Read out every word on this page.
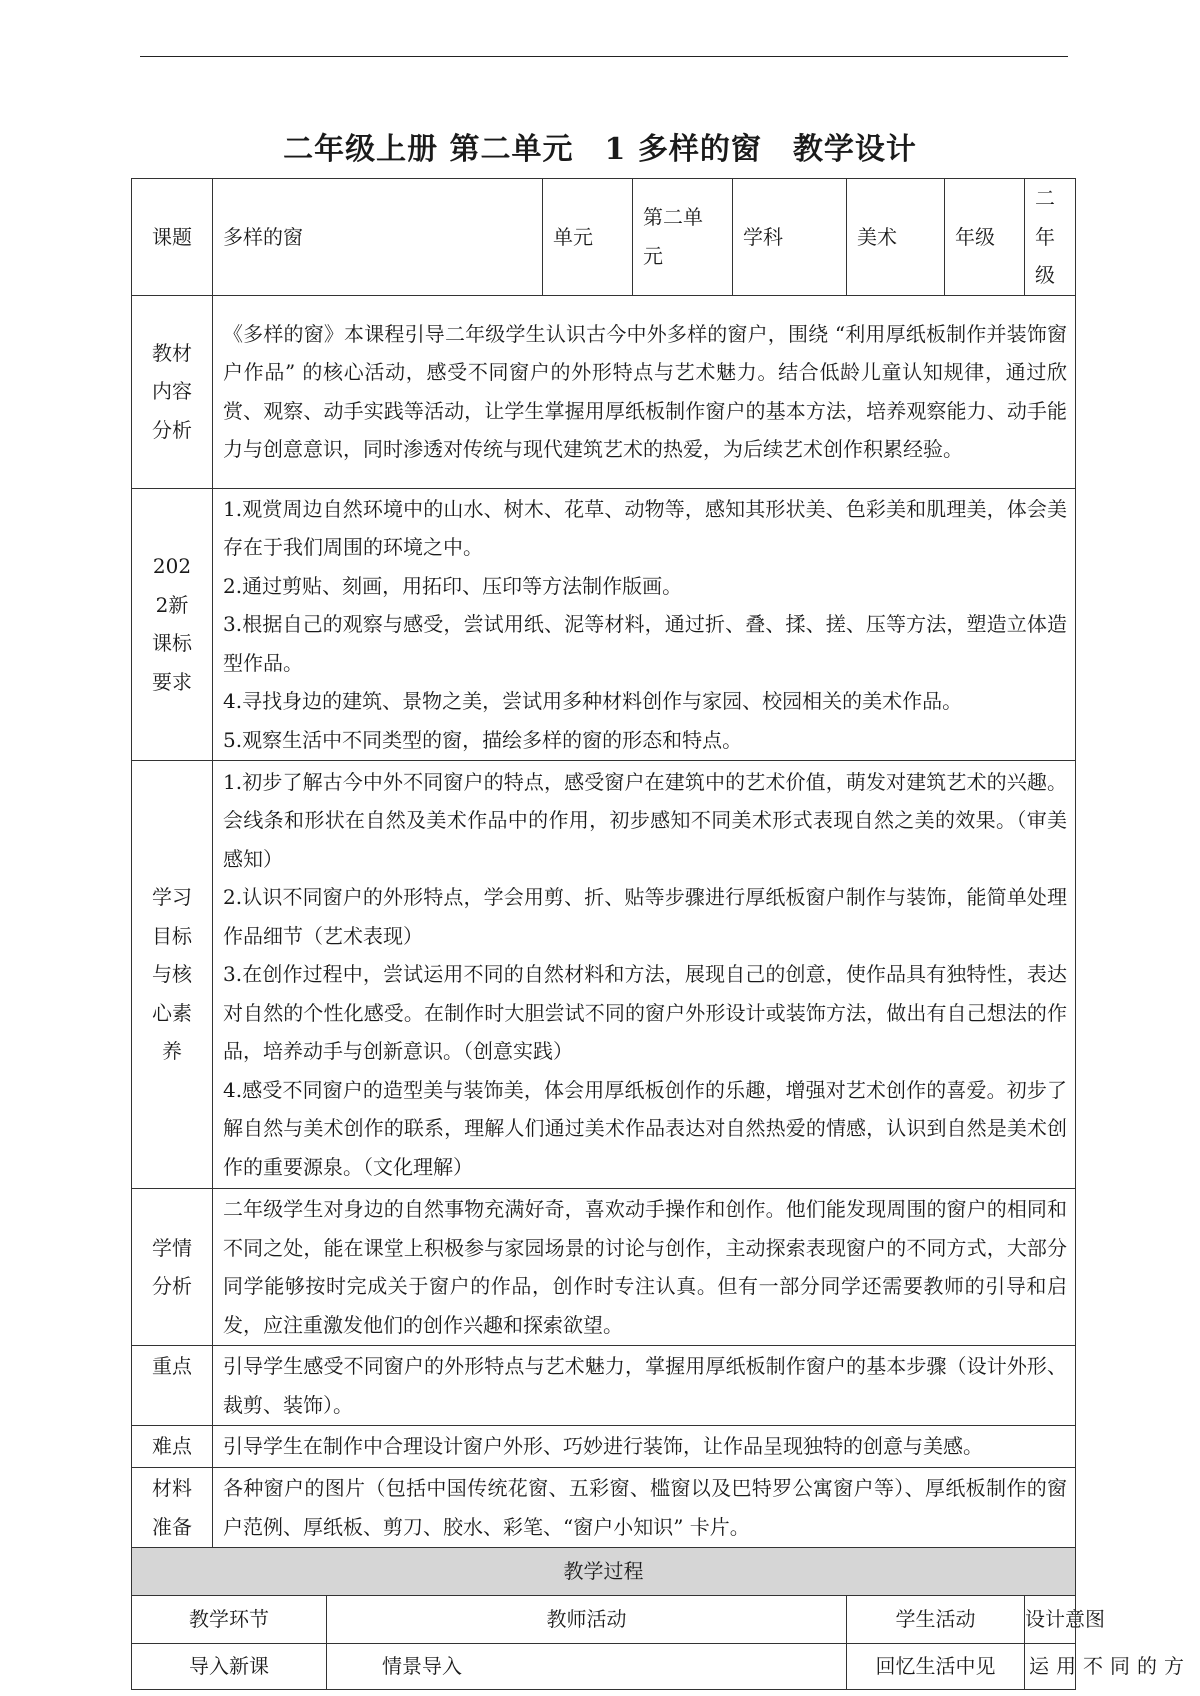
二年级上册 第二单元　1 多样的窗　教学设计
课题	多样的窗		单元	第二单元	学科	美术	年级	二年级

教材内容分析	《多样的窗》本课程引导二年级学生认识古今中外多样的窗户，围绕 “利用厚纸板制作并装饰窗户作品” 的核心活动，感受不同窗户的外形特点与艺术魅力。结合低龄儿童认知规律，通过欣赏、观察、动手实践等活动，让学生掌握用厚纸板制作窗户的基本方法，培养观察能力、动手能力与创意意识，同时渗透对传统与现代建筑艺术的热爱，为后续艺术创作积累经验。							

2022新课标要求	1.观赏周边自然环境中的山水、树木、花草、动物等，感知其形状美、色彩美和肌理美，体会美存在于我们周围的环境之中。

2.通过剪贴、刻画，用拓印、压印等方法制作版画。

3.根据自己的观察与感受，尝试用纸、泥等材料，通过折、叠、揉、搓、压等方法，塑造立体造型作品。

4.寻找身边的建筑、景物之美，尝试用多种材料创作与家园、校园相关的美术作品。

5.观察生活中不同类型的窗，描绘多样的窗的形态和特点。							

学习目标与核心素养	1.初步了解古今中外不同窗户的特点，感受窗户在建筑中的艺术价值，萌发对建筑艺术的兴趣。会线条和形状在自然及美术作品中的作用，初步感知不同美术形式表现自然之美的效果。（审美感知）

2.认识不同窗户的外形特点，学会用剪、折、贴等步骤进行厚纸板窗户制作与装饰，能简单处理作品细节（艺术表现）

3.在创作过程中，尝试运用不同的自然材料和方法，展现自己的创意，使作品具有独特性，表达对自然的个性化感受。在制作时大胆尝试不同的窗户外形设计或装饰方法，做出有自己想法的作品，培养动手与创新意识。（创意实践）

4.感受不同窗户的造型美与装饰美，体会用厚纸板创作的乐趣，增强对艺术创作的喜爱。初步了解自然与美术创作的联系，理解人们通过美术作品表达对自然热爱的情感，认识到自然是美术创作的重要源泉。（文化理解）							

学情分析	二年级学生对身边的自然事物充满好奇，喜欢动手操作和创作。他们能发现周围的窗户的相同和不同之处，能在课堂上积极参与家园场景的讨论与创作，主动探索表现窗户的不同方式，大部分同学能够按时完成关于窗户的作品，创作时专注认真。但有一部分同学还需要教师的引导和启发，应注重激发他们的创作兴趣和探索欲望。							
重点	引导学生感受不同窗户的外形特点与艺术魅力，掌握用厚纸板制作窗户的基本步骤（设计外形、裁剪、装饰）。							
难点	引导学生在制作中合理设计窗户外形、巧妙进行装饰，让作品呈现独特的创意与美感。							

材料准备	各种窗户的图片（包括中国传统花窗、五彩窗、槛窗以及巴特罗公寓窗户等）、厚纸板制作的窗户范例、厚纸板、剪刀、胶水、彩笔、“窗户小知识” 卡片。							
教学过程								
教学环节		教师活动				学生活动		设计意图
导入新课		情景导入				回忆生活中见		运用不同的方
